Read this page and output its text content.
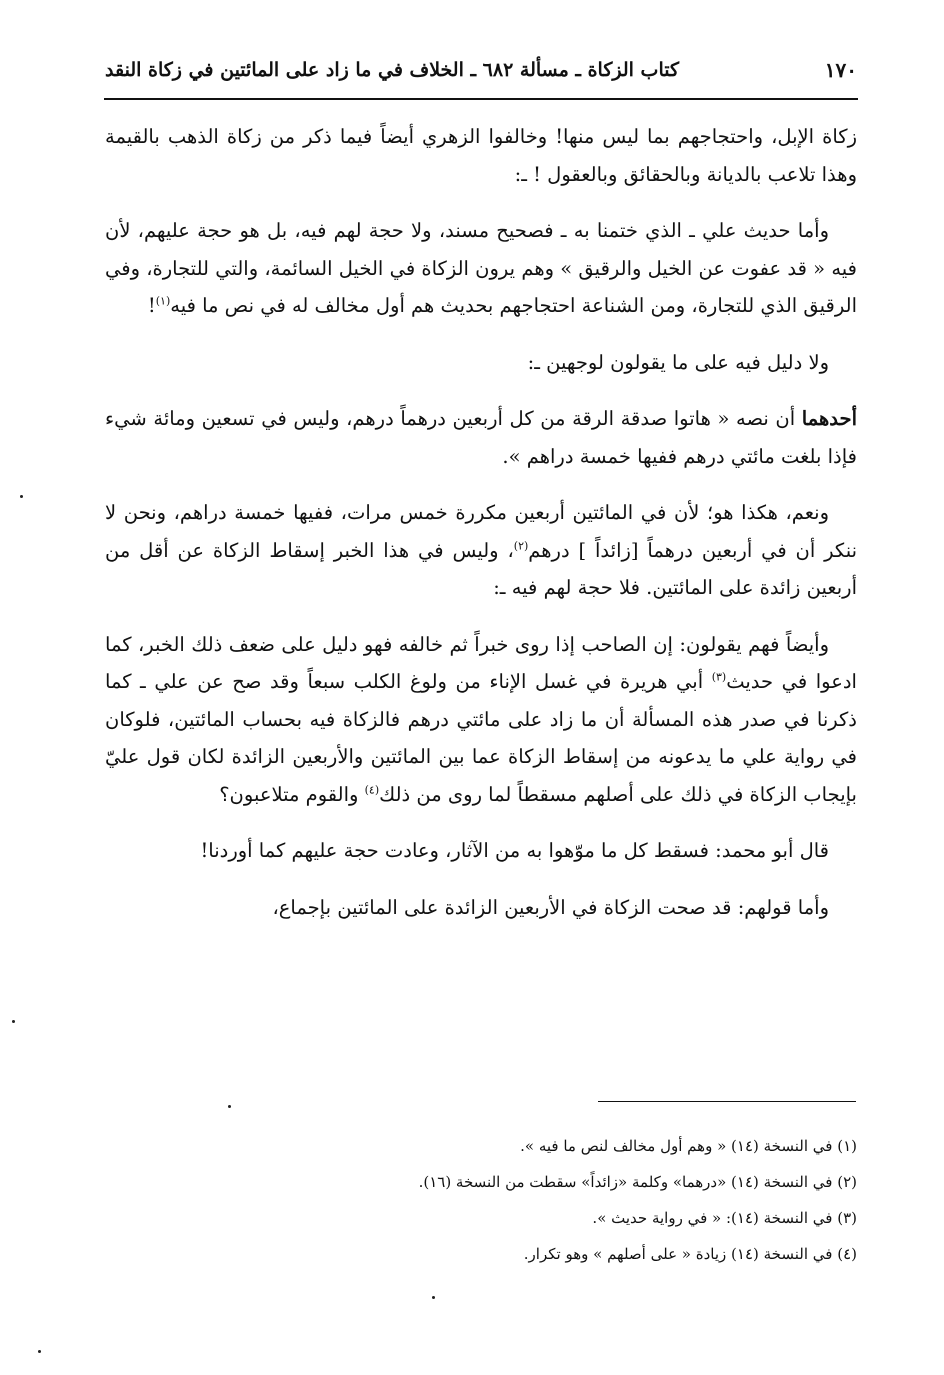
١٧٠
كتاب الزكاة ـ مسألة ٦٨٢ ـ الخلاف في ما زاد على المائتين في زكاة النقد

زكاة الإبل، واحتجاجهم بما ليس منها! وخالفوا الزهري أيضاً فيما ذكر من زكاة الذهب بالقيمة وهذا تلاعب بالديانة وبالحقائق وبالعقول ! ـ:

وأما حديث علي ـ الذي ختمنا به ـ فصحيح مسند، ولا حجة لهم فيه، بل هو حجة عليهم، لأن فيه « قد عفوت عن الخيل والرقيق » وهم يرون الزكاة في الخيل السائمة، والتي للتجارة، وفي الرقيق الذي للتجارة، ومن الشناعة احتجاجهم بحديث هم أول مخالف له في نص ما فيه$^{(١)}$!

ولا دليل فيه على ما يقولون لوجهين ـ:

أحدهما أن نصه « هاتوا صدقة الرقة من كل أربعين درهماً درهم، وليس في تسعين ومائة شيء فإذا بلغت مائتي درهم ففيها خمسة دراهم ».

ونعم، هكذا هو؛ لأن في المائتين أربعين مكررة خمس مرات، ففيها خمسة دراهم، ونحن لا ننكر أن في أربعين درهماً [زائداً ] درهم$^{(٢)}$، وليس في هذا الخبر إسقاط الزكاة عن أقل من أربعين زائدة على المائتين. فلا حجة لهم فيه ـ:

وأيضاً فهم يقولون: إن الصاحب إذا روى خبراً ثم خالفه فهو دليل على ضعف ذلك الخبر، كما ادعوا في حديث$^{(٣)}$ أبي هريرة في غسل الإناء من ولوغ الكلب سبعاً وقد صح عن علي ـ كما ذكرنا في صدر هذه المسألة أن ما زاد على مائتي درهم فالزكاة فيه بحساب المائتين، فلوكان في رواية علي ما يدعونه من إسقاط الزكاة عما بين المائتين والأربعين الزائدة لكان قول عليّ بإيجاب الزكاة في ذلك على أصلهم مسقطاً لما روى من ذلك$^{(٤)}$ والقوم متلاعبون؟

قال أبو محمد: فسقط كل ما موّهوا به من الآثار، وعادت حجة عليهم كما أوردنا!

وأما قولهم: قد صحت الزكاة في الأربعين الزائدة على المائتين بإجماع،

(١) في النسخة (١٤) « وهم أول مخالف لنص ما فيه ».
(٢) في النسخة (١٤) «درهما» وكلمة «زائداً» سقطت من النسخة (١٦).
(٣) في النسخة (١٤): « في رواية حديث ».
(٤) في النسخة (١٤) زيادة « على أصلهم » وهو تكرار.
